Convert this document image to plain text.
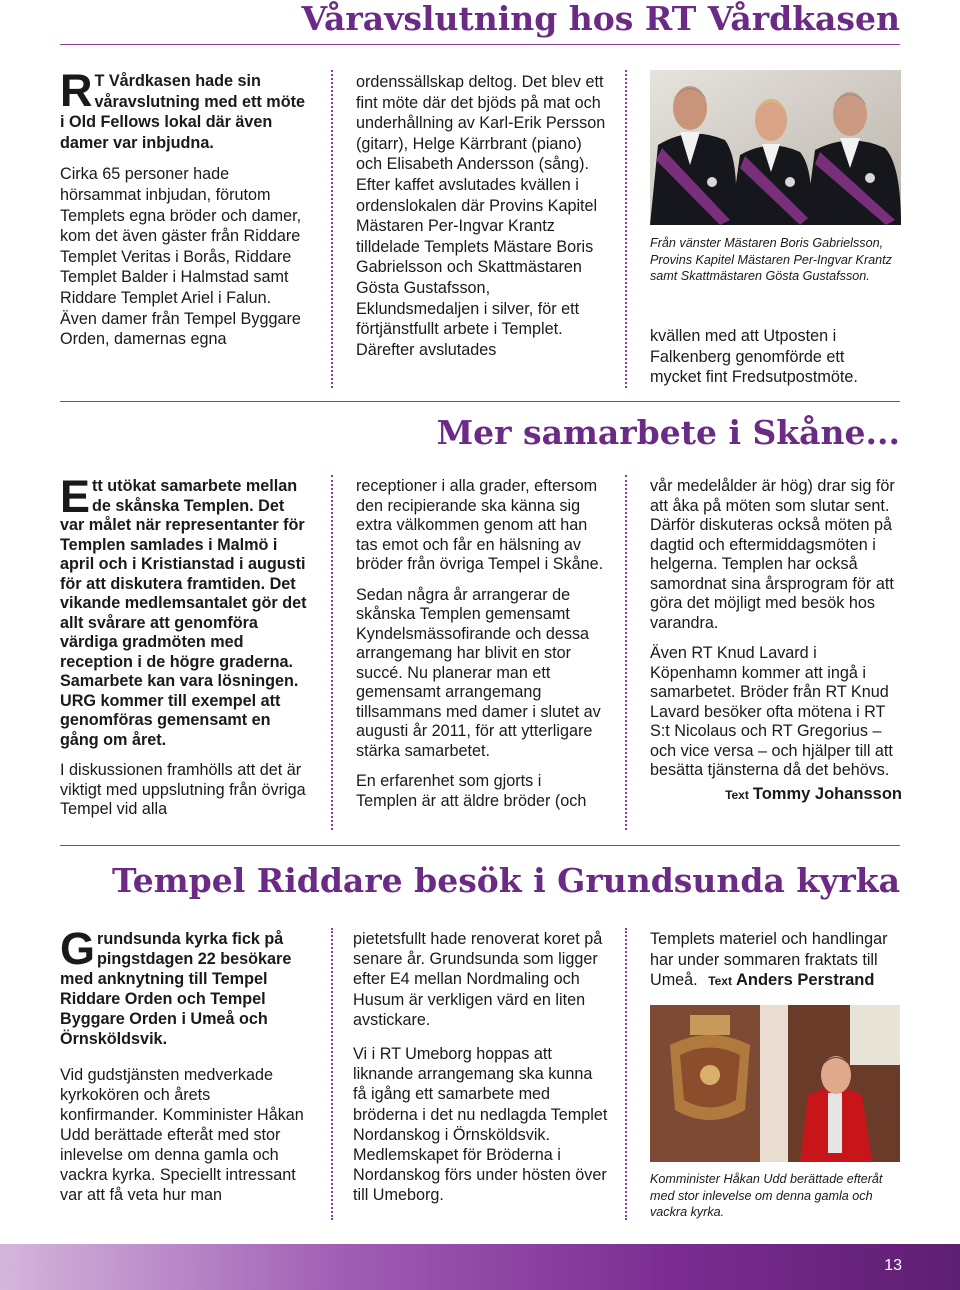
Våravslutning hos RT Vårdkasen

R T Vårdkasen hade sin våravslutning med ett möte i Old Fellows lokal där även damer var inbjudna.

Cirka 65 personer hade hörsammat inbjudan, förutom Templets egna bröder och damer, kom det även gäster från Riddare Templet Veritas i Borås, Riddare Templet Balder i Halmstad samt Riddare Templet Ariel i Falun. Även damer från Tempel Byggare Orden, damernas egna

ordenssällskap deltog. Det blev ett fint möte där det bjöds på mat och underhållning av Karl-Erik Persson (gitarr), Helge Kärrbrant (piano) och Elisabeth Andersson (sång). Efter kaffet avslutades kvällen i ordenslokalen där Provins Kapitel Mästaren Per-Ingvar Krantz tilldelade Templets Mästare Boris Gabrielsson och Skattmästaren Gösta Gustafsson, Eklundsmedaljen i silver, för ett förtjänstfullt arbete i Templet. Därefter avslutades

Från vänster Mästaren Boris Gabrielsson, Provins Kapitel Mästaren Per-Ingvar Krantz samt Skattmästaren Gösta Gustafsson.

kvällen med att Utposten i Falkenberg genomförde ett mycket fint Fredsutpostmöte.

Mer samarbete i Skåne...

E tt utökat samarbete mellan de skånska Templen. Det var målet när representanter för Templen samlades i Malmö i april och i Kristianstad i augusti för att diskutera framtiden. Det vikande medlemsantalet gör det allt svårare att genomföra värdiga gradmöten med reception i de högre graderna. Samarbete kan vara lösningen. URG kommer till exempel att genomföras gemensamt en gång om året.

I diskussionen framhölls att det är viktigt med uppslutning från övriga Tempel vid alla

receptioner i alla grader, eftersom den recipierande ska känna sig extra välkommen genom att han tas emot och får en hälsning av bröder från övriga Tempel i Skåne.

Sedan några år arrangerar de skånska Templen gemensamt Kyndelsmässofirande och dessa arrangemang har blivit en stor succé. Nu planerar man ett gemensamt arrangemang tillsammans med damer i slutet av augusti år 2011, för att ytterligare stärka samarbetet.

En erfarenhet som gjorts i Templen är att äldre bröder (och

vår medelålder är hög) drar sig för att åka på möten som slutar sent. Därför diskuteras också möten på dagtid och eftermiddagsmöten i helgerna. Templen har också samordnat sina årsprogram för att göra det möjligt med besök hos varandra.

Även RT Knud Lavard i Köpenhamn kommer att ingå i samarbetet. Bröder från RT Knud Lavard besöker ofta mötena i RT S:t Nicolaus och RT Gregorius – och vice versa – och hjälper till att besätta tjänsterna då det behövs.

Text Tommy Johansson
Tempel Riddare besök i Grundsunda kyrka

G rundsunda kyrka fick på pingstdagen 22 besökare med anknytning till Tempel Riddare Orden och Tempel Byggare Orden i Umeå och Örnsköldsvik.

Vid gudstjänsten medverkade kyrkokören och årets konfirmander. Komminister Håkan Udd berättade efteråt med stor inlevelse om denna gamla och vackra kyrka. Speciellt intressant var att få veta hur man

pietetsfullt hade renoverat koret på senare år. Grundsunda som ligger efter E4 mellan Nordmaling och Husum är verkligen värd en liten avstickare.

Vi i RT Umeborg hoppas att liknande arrangemang ska kunna få igång ett samarbete med bröderna i det nu nedlagda Templet Nordanskog i Örnsköldsvik. Medlemskapet för Bröderna i Nordanskog förs under hösten över till Umeborg.

Templets materiel och handlingar har under sommaren fraktats till Umeå. Text Anders Perstrand

Komminister Håkan Udd berättade efteråt med stor inlevelse om denna gamla och vackra kyrka.
13
